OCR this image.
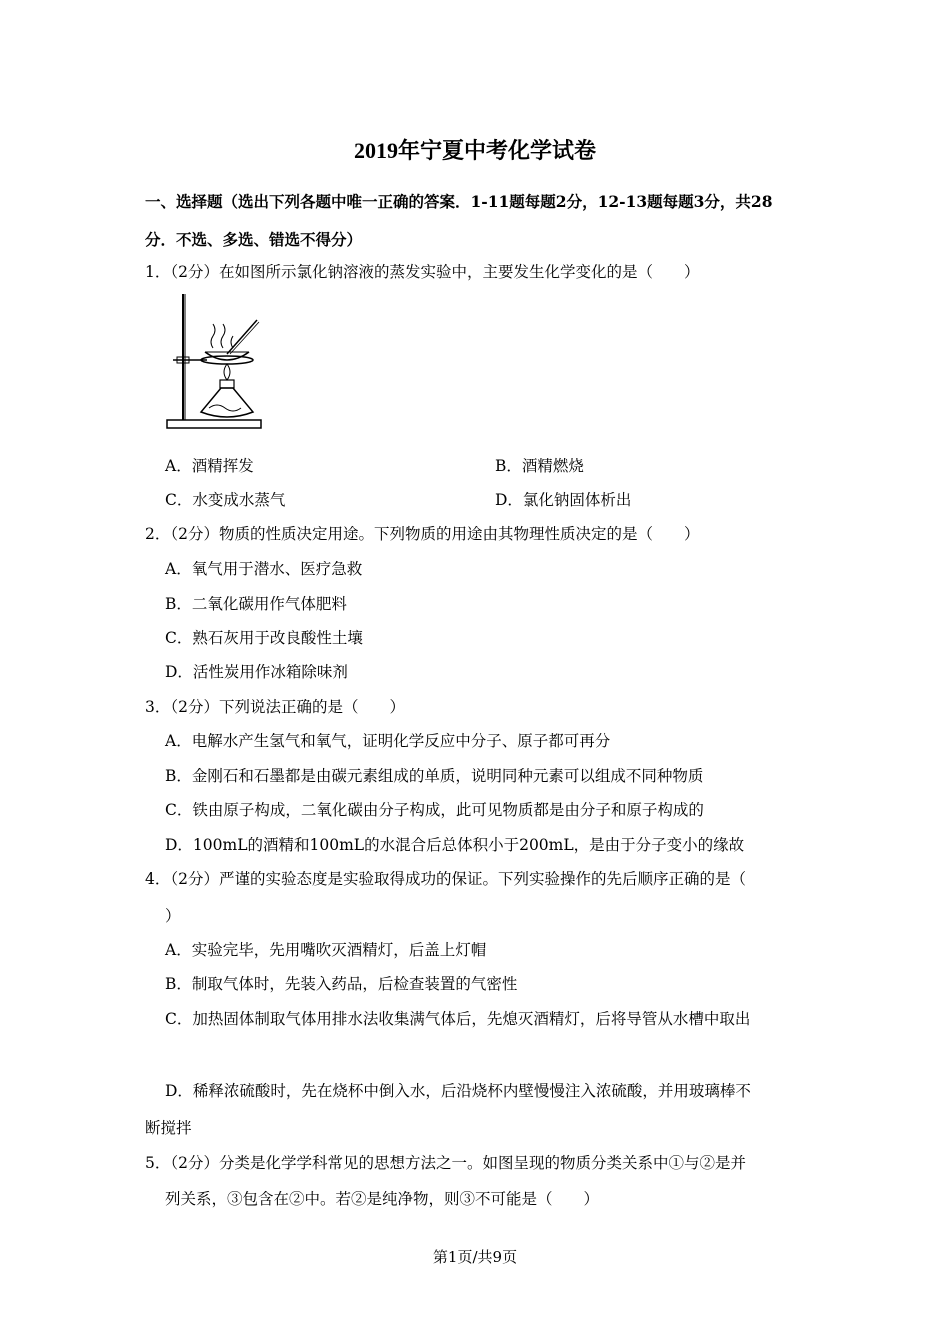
2019年宁夏中考化学试卷
一、选择题（选出下列各题中唯一正确的答案．1-11题每题2分，12-13题每题3分，共28
分．不选、多选、错选不得分）
1．（2分）在如图所示氯化钠溶液的蒸发实验中，主要发生化学变化的是（　　）
A．酒精挥发	B．酒精燃烧
C．水变成水蒸气	D．氯化钠固体析出
2．（2分）物质的性质决定用途。下列物质的用途由其物理性质决定的是（　　）
A．氧气用于潜水、医疗急救
B．二氧化碳用作气体肥料
C．熟石灰用于改良酸性土壤
D．活性炭用作冰箱除味剂
3．（2分）下列说法正确的是（　　）
A．电解水产生氢气和氧气，证明化学反应中分子、原子都可再分
B．金刚石和石墨都是由碳元素组成的单质，说明同种元素可以组成不同种物质
C．铁由原子构成，二氧化碳由分子构成，此可见物质都是由分子和原子构成的
D．100mL的酒精和100mL的水混合后总体积小于200mL，是由于分子变小的缘故
4．（2分）严谨的实验态度是实验取得成功的保证。下列实验操作的先后顺序正确的是（
）
A．实验完毕，先用嘴吹灭酒精灯，后盖上灯帽
B．制取气体时，先装入药品，后检查装置的气密性
C．加热固体制取气体用排水法收集满气体后，先熄灭酒精灯，后将导管从水槽中取出
D．稀释浓硫酸时，先在烧杯中倒入水，后沿烧杯内壁慢慢注入浓硫酸，并用玻璃棒不
断搅拌
5．（2分）分类是化学学科常见的思想方法之一。如图呈现的物质分类关系中①与②是并
列关系，③包含在②中。若②是纯净物，则③不可能是（　　）
第1页/共9页
